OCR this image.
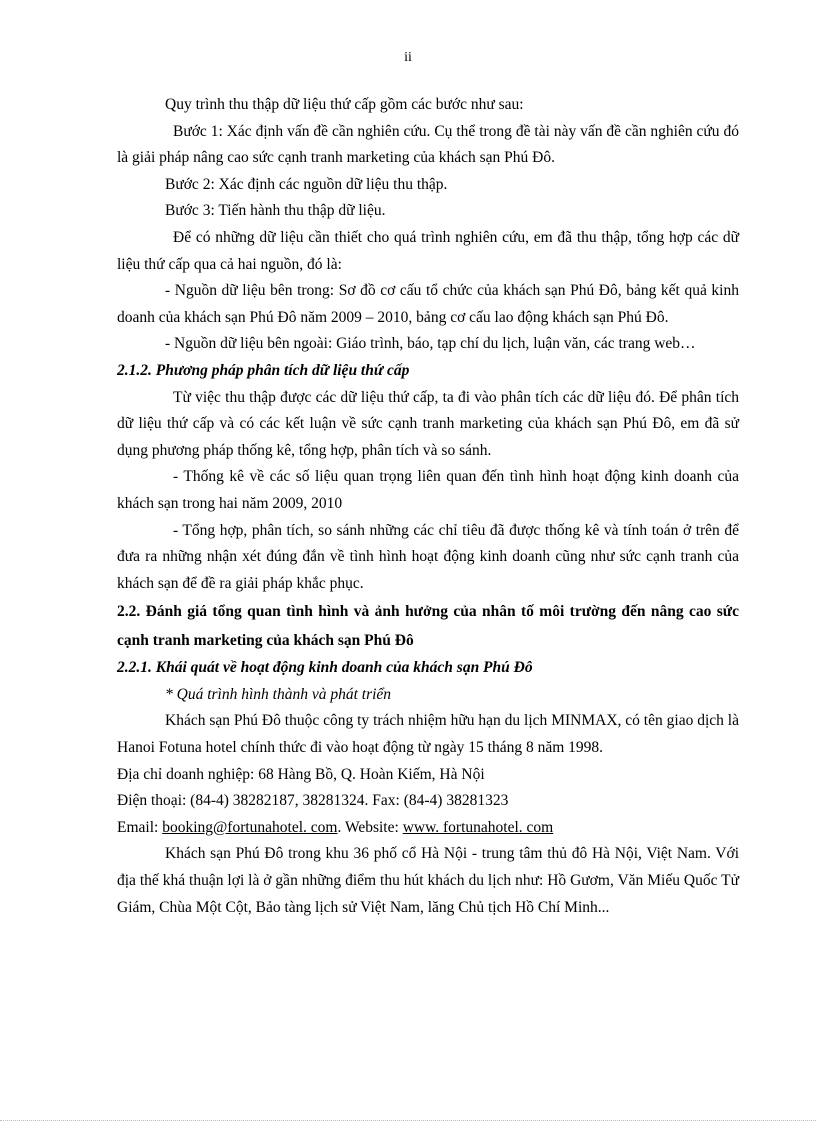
ii

Quy trình thu thập dữ liệu thứ cấp gồm các bước như sau:

Bước 1: Xác định vấn đề cần nghiên cứu. Cụ thể trong đề tài này vấn đề cần nghiên cứu đó là giải pháp nâng cao sức cạnh tranh marketing của khách sạn Phú Đô.

Bước 2: Xác định các nguồn dữ liệu thu thập.

Bước 3: Tiến hành thu thập dữ liệu.

Để có những dữ liệu cần thiết cho quá trình nghiên cứu, em đã thu thập, tổng hợp các dữ liệu thứ cấp qua cả hai nguồn, đó là:

- Nguồn dữ liệu bên trong: Sơ đồ cơ cấu tổ chức của khách sạn Phú Đô, bảng kết quả kinh doanh của khách sạn Phú Đô năm 2009 – 2010, bảng cơ cấu lao động khách sạn Phú Đô.

- Nguồn dữ liệu bên ngoài: Giáo trình, báo, tạp chí du lịch, luận văn, các trang web…

2.1.2. Phương pháp phân tích dữ liệu thứ cấp

Từ việc thu thập được các dữ liệu thứ cấp, ta đi vào phân tích các dữ liệu đó. Để phân tích dữ liệu thứ cấp và có các kết luận về sức cạnh tranh marketing của khách sạn Phú Đô, em đã sử dụng phương pháp thống kê, tổng hợp, phân tích và so sánh.

- Thống kê về các số liệu quan trọng liên quan đến tình hình hoạt động kinh doanh của khách sạn trong hai năm 2009, 2010

- Tổng hợp, phân tích, so sánh những các chỉ tiêu đã được thống kê và tính toán ở trên để đưa ra những nhận xét đúng đắn về tình hình hoạt động kinh doanh cũng như sức cạnh tranh của khách sạn để đề ra giải pháp khắc phục.

2.2. Đánh giá tổng quan tình hình và ảnh hưởng của nhân tố môi trường đến nâng cao sức cạnh tranh marketing của khách sạn Phú Đô

2.2.1. Khái quát về hoạt động kinh doanh của khách sạn Phú Đô

* Quá trình hình thành và phát triển

Khách sạn Phú Đô thuộc công ty trách nhiệm hữu hạn du lịch MINMAX, có tên giao dịch là Hanoi Fotuna hotel chính thức đi vào hoạt động từ ngày 15 tháng 8 năm 1998.

Địa chỉ doanh nghiệp: 68 Hàng Bồ, Q. Hoàn Kiếm, Hà Nội

Điện thoại: (84-4) 38282187, 38281324. Fax: (84-4) 38281323

Email: booking@fortunahotel. com. Website: www. fortunahotel. com

Khách sạn Phú Đô trong khu 36 phố cổ Hà Nội - trung tâm thủ đô Hà Nội, Việt Nam. Với địa thế khá thuận lợi là ở gần những điểm thu hút khách du lịch như: Hồ Gươm, Văn Miếu Quốc Tử Giám, Chùa Một Cột, Bảo tàng lịch sử Việt Nam, lăng Chủ tịch Hồ Chí Minh...
